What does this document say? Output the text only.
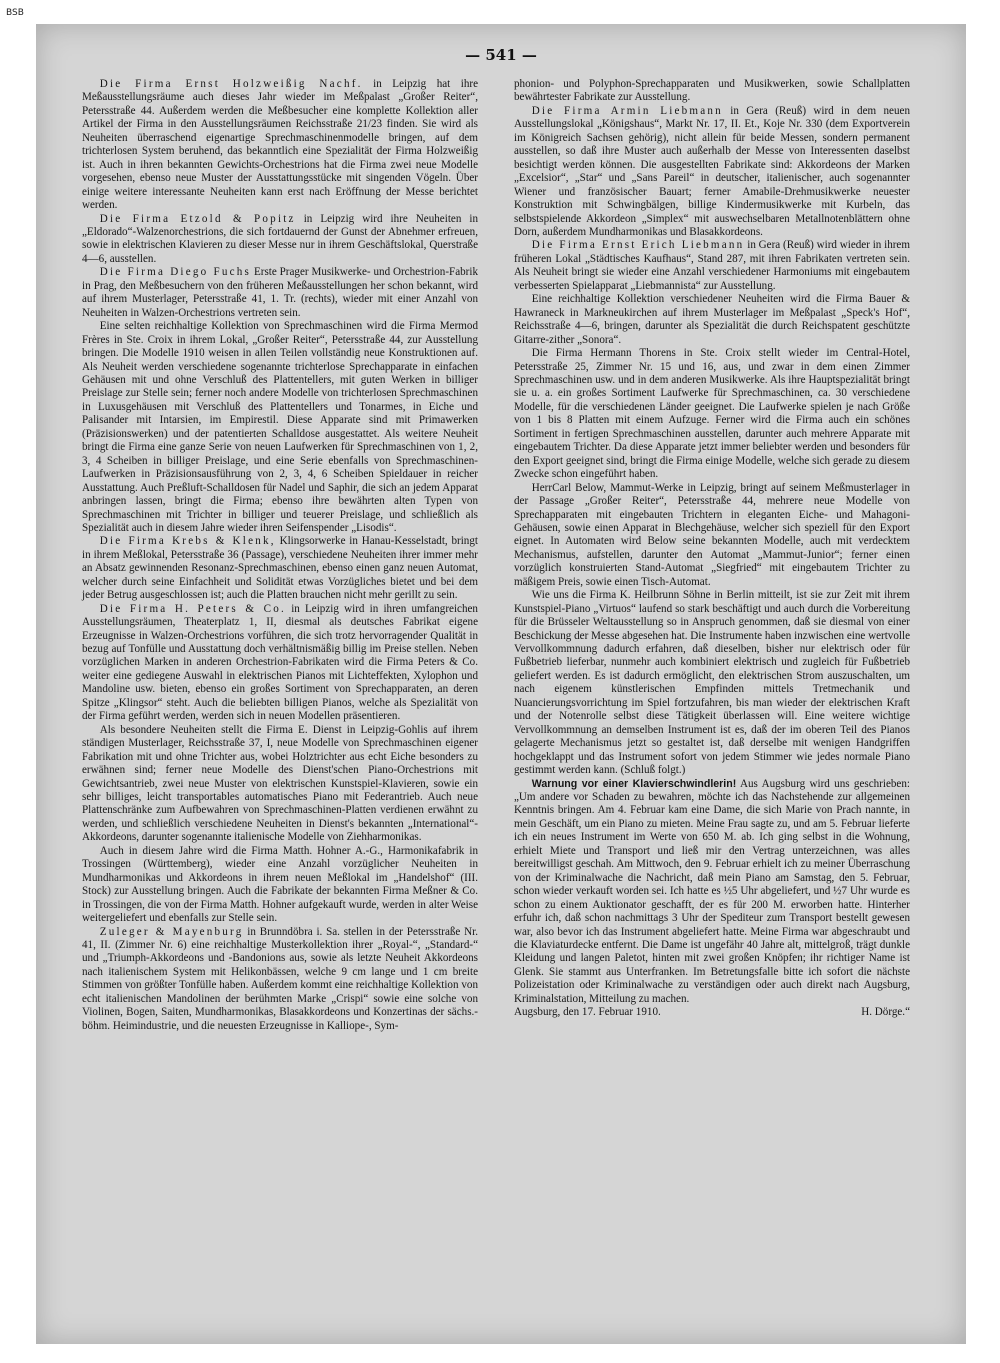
BSB
— 541 —

Die Firma Ernst Holzweißig Nachf. in Leipzig hat ihre Meßausstellungsräume auch dieses Jahr wieder im Meßpalast „Großer Reiter“, Petersstraße 44. Außerdem werden die Meßbesucher eine komplette Kollektion aller Artikel der Firma in den Ausstellungsräumen Reichsstraße 21/23 finden. Sie wird als Neuheiten überraschend eigenartige Sprechmaschinenmodelle bringen, auf dem trichterlosen System beruhend, das bekanntlich eine Spezialität der Firma Holzweißig ist. Auch in ihren bekannten Gewichts-Orchestrions hat die Firma zwei neue Modelle vorgesehen, ebenso neue Muster der Ausstattungsstücke mit singenden Vögeln. Über einige weitere interessante Neuheiten kann erst nach Eröffnung der Messe berichtet werden.

Die Firma Etzold & Popitz in Leipzig wird ihre Neuheiten in „Eldorado“-Walzenorchestrions, die sich fortdauernd der Gunst der Abnehmer erfreuen, sowie in elektrischen Klavieren zu dieser Messe nur in ihrem Geschäftslokal, Querstraße 4—6, ausstellen.

Die Firma Diego Fuchs Erste Prager Musikwerke- und Orchestrion-Fabrik in Prag, den Meßbesuchern von den früheren Meßausstellungen her schon bekannt, wird auf ihrem Musterlager, Petersstraße 41, 1. Tr. (rechts), wieder mit einer Anzahl von Neuheiten in Walzen-Orchestrions vertreten sein.

Eine selten reichhaltige Kollektion von Sprechmaschinen wird die Firma Mermod Frères in Ste. Croix in ihrem Lokal, „Großer Reiter“, Petersstraße 44, zur Ausstellung bringen. Die Modelle 1910 weisen in allen Teilen vollständig neue Konstruktionen auf. Als Neuheit werden verschiedene sogenannte trichterlose Sprechapparate in einfachen Gehäusen mit und ohne Verschluß des Plattentellers, mit guten Werken in billiger Preislage zur Stelle sein; ferner noch andere Modelle von trichterlosen Sprechmaschinen in Luxusgehäusen mit Verschluß des Plattentellers und Tonarmes, in Eiche und Palisander mit Intarsien, im Empirestil. Diese Apparate sind mit Primawerken (Präzisionswerken) und der patentierten Schalldose ausgestattet. Als weitere Neuheit bringt die Firma eine ganze Serie von neuen Laufwerken für Sprechmaschinen von 1, 2, 3, 4 Scheiben in billiger Preislage, und eine Serie ebenfalls von Sprechmaschinen-Laufwerken in Präzisionsausführung von 2, 3, 4, 6 Scheiben Spieldauer in reicher Ausstattung. Auch Preßluft-Schalldosen für Nadel und Saphir, die sich an jedem Apparat anbringen lassen, bringt die Firma; ebenso ihre bewährten alten Typen von Sprechmaschinen mit Trichter in billiger und teuerer Preislage, und schließlich als Spezialität auch in diesem Jahre wieder ihren Seifenspender „Lisodis“.

Die Firma Krebs & Klenk, Klingsorwerke in Hanau-Kesselstadt, bringt in ihrem Meßlokal, Petersstraße 36 (Passage), verschiedene Neuheiten ihrer immer mehr an Absatz gewinnenden Resonanz-Sprechmaschinen, ebenso einen ganz neuen Automat, welcher durch seine Einfachheit und Solidität etwas Vorzügliches bietet und bei dem jeder Betrug ausgeschlossen ist; auch die Platten brauchen nicht mehr gerillt zu sein.

Die Firma H. Peters & Co. in Leipzig wird in ihren umfangreichen Ausstellungsräumen, Theaterplatz 1, II, diesmal als deutsches Fabrikat eigene Erzeugnisse in Walzen-Orchestrions vorführen, die sich trotz hervorragender Qualität in bezug auf Tonfülle und Ausstattung doch verhältnismäßig billig im Preise stellen. Neben vorzüglichen Marken in anderen Orchestrion-Fabrikaten wird die Firma Peters & Co. weiter eine gediegene Auswahl in elektrischen Pianos mit Lichteffekten, Xylophon und Mandoline usw. bieten, ebenso ein großes Sortiment von Sprechapparaten, an deren Spitze „Klingsor“ steht. Auch die beliebten billigen Pianos, welche als Spezialität von der Firma geführt werden, werden sich in neuen Modellen präsentieren.

Als besondere Neuheiten stellt die Firma E. Dienst in Leipzig-Gohlis auf ihrem ständigen Musterlager, Reichsstraße 37, I, neue Modelle von Sprechmaschinen eigener Fabrikation mit und ohne Trichter aus, wobei Holztrichter aus echt Eiche besonders zu erwähnen sind; ferner neue Modelle des Dienst'schen Piano-Orchestrions mit Gewichtsantrieb, zwei neue Muster von elektrischen Kunstspiel-Klavieren, sowie ein sehr billiges, leicht transportables automatisches Piano mit Federantrieb. Auch neue Plattenschränke zum Aufbewahren von Sprechmaschinen-Platten verdienen erwähnt zu werden, und schließlich verschiedene Neuheiten in Dienst's bekannten „International“-Akkordeons, darunter sogenannte italienische Modelle von Ziehharmonikas.

Auch in diesem Jahre wird die Firma Matth. Hohner A.-G., Harmonikafabrik in Trossingen (Württemberg), wieder eine Anzahl vorzüglicher Neuheiten in Mundharmonikas und Akkordeons in ihrem neuen Meßlokal im „Handelshof“ (III. Stock) zur Ausstellung bringen. Auch die Fabrikate der bekannten Firma Meßner & Co. in Trossingen, die von der Firma Matth. Hohner aufgekauft wurde, werden in alter Weise weitergeliefert und ebenfalls zur Stelle sein.

Zuleger & Mayenburg in Brunndöbra i. Sa. stellen in der Petersstraße Nr. 41, II. (Zimmer Nr. 6) eine reichhaltige Musterkollektion ihrer „Royal-“, „Standard-“ und „Triumph-Akkordeons und -Bandonions aus, sowie als letzte Neuheit Akkordeons nach italienischem System mit Helikonbässen, welche 9 cm lange und 1 cm breite Stimmen von größter Tonfülle haben. Außerdem kommt eine reichhaltige Kollektion von echt italienischen Mandolinen der berühmten Marke „Crispi“ sowie eine solche von Violinen, Bogen, Saiten, Mundharmonikas, Blasakkordeons und Konzertinas der sächs.-böhm. Heimindustrie, und die neuesten Erzeugnisse in Kalliope-, Sym-

phonion- und Polyphon-Sprechapparaten und Musikwerken, sowie Schallplatten bewährtester Fabrikate zur Ausstellung.

Die Firma Armin Liebmann in Gera (Reuß) wird in dem neuen Ausstellungslokal „Königshaus“, Markt Nr. 17, II. Et., Koje Nr. 330 (dem Exportverein im Königreich Sachsen gehörig), nicht allein für beide Messen, sondern permanent ausstellen, so daß ihre Muster auch außerhalb der Messe von Interessenten daselbst besichtigt werden können. Die ausgestellten Fabrikate sind: Akkordeons der Marken „Excelsior“, „Star“ und „Sans Pareil“ in deutscher, italienischer, auch sogenannter Wiener und französischer Bauart; ferner Amabile-Drehmusikwerke neuester Konstruktion mit Schwingbälgen, billige Kindermusikwerke mit Kurbeln, das selbstspielende Akkordeon „Simplex“ mit auswechselbaren Metallnotenblättern ohne Dorn, außerdem Mundharmonikas und Blasakkordeons.

Die Firma Ernst Erich Liebmann in Gera (Reuß) wird wieder in ihrem früheren Lokal „Städtisches Kaufhaus“, Stand 287, mit ihren Fabrikaten vertreten sein. Als Neuheit bringt sie wieder eine Anzahl verschiedener Harmoniums mit eingebautem verbesserten Spielapparat „Liebmannista“ zur Ausstellung.

Eine reichhaltige Kollektion verschiedener Neuheiten wird die Firma Bauer & Hawraneck in Markneukirchen auf ihrem Musterlager im Meßpalast „Speck's Hof“, Reichsstraße 4—6, bringen, darunter als Spezialität die durch Reichspatent geschützte Gitarre-zither „Sonora“.

Die Firma Hermann Thorens in Ste. Croix stellt wieder im Central-Hotel, Petersstraße 25, Zimmer Nr. 15 und 16, aus, und zwar in dem einen Zimmer Sprechmaschinen usw. und in dem anderen Musikwerke. Als ihre Hauptspezialität bringt sie u. a. ein großes Sortiment Laufwerke für Sprechmaschinen, ca. 30 verschiedene Modelle, für die verschiedenen Länder geeignet. Die Laufwerke spielen je nach Größe von 1 bis 8 Platten mit einem Aufzuge. Ferner wird die Firma auch ein schönes Sortiment in fertigen Sprechmaschinen ausstellen, darunter auch mehrere Apparate mit eingebautem Trichter. Da diese Apparate jetzt immer beliebter werden und besonders für den Export geeignet sind, bringt die Firma einige Modelle, welche sich gerade zu diesem Zwecke schon eingeführt haben.

HerrCarl Below, Mammut-Werke in Leipzig, bringt auf seinem Meßmusterlager in der Passage „Großer Reiter“, Petersstraße 44, mehrere neue Modelle von Sprechapparaten mit eingebauten Trichtern in eleganten Eiche- und Mahagoni-Gehäusen, sowie einen Apparat in Blechgehäuse, welcher sich speziell für den Export eignet. In Automaten wird Below seine bekannten Modelle, auch mit verdecktem Mechanismus, aufstellen, darunter den Automat „Mammut-Junior“; ferner einen vorzüglich konstruierten Stand-Automat „Siegfried“ mit eingebautem Trichter zu mäßigem Preis, sowie einen Tisch-Automat.

Wie uns die Firma K. Heilbrunn Söhne in Berlin mitteilt, ist sie zur Zeit mit ihrem Kunstspiel-Piano „Virtuos“ laufend so stark beschäftigt und auch durch die Vorbereitung für die Brüsseler Weltausstellung so in Anspruch genommen, daß sie diesmal von einer Beschickung der Messe abgesehen hat. Die Instrumente haben inzwischen eine wertvolle Vervollkommnung dadurch erfahren, daß dieselben, bisher nur elektrisch oder für Fußbetrieb lieferbar, nunmehr auch kombiniert elektrisch und zugleich für Fußbetrieb geliefert werden. Es ist dadurch ermöglicht, den elektrischen Strom auszuschalten, um nach eigenem künstlerischen Empfinden mittels Tretmechanik und Nuancierungsvorrichtung im Spiel fortzufahren, bis man wieder der elektrischen Kraft und der Notenrolle selbst diese Tätigkeit überlassen will. Eine weitere wichtige Vervollkommnung an demselben Instrument ist es, daß der im oberen Teil des Pianos gelagerte Mechanismus jetzt so gestaltet ist, daß derselbe mit wenigen Handgriffen hochgeklappt und das Instrument sofort von jedem Stimmer wie jedes normale Piano gestimmt werden kann. (Schluß folgt.)

Warnung vor einer Klavierschwindlerin! Aus Augsburg wird uns geschrieben: „Um andere vor Schaden zu bewahren, möchte ich das Nachstehende zur allgemeinen Kenntnis bringen. Am 4. Februar kam eine Dame, die sich Marie von Prach nannte, in mein Geschäft, um ein Piano zu mieten. Meine Frau sagte zu, und am 5. Februar lieferte ich ein neues Instrument im Werte von 650 M. ab. Ich ging selbst in die Wohnung, erhielt Miete und Transport und ließ mir den Vertrag unterzeichnen, was alles bereitwilligst geschah. Am Mittwoch, den 9. Februar erhielt ich zu meiner Überraschung von der Kriminalwache die Nachricht, daß mein Piano am Samstag, den 5. Februar, schon wieder verkauft worden sei. Ich hatte es ½5 Uhr abgeliefert, und ½7 Uhr wurde es schon zu einem Auktionator geschafft, der es für 200 M. erworben hatte. Hinterher erfuhr ich, daß schon nachmittags 3 Uhr der Spediteur zum Transport bestellt gewesen war, also bevor ich das Instrument abgeliefert hatte. Meine Firma war abgeschraubt und die Klaviaturdecke entfernt. Die Dame ist ungefähr 40 Jahre alt, mittelgroß, trägt dunkle Kleidung und langen Paletot, hinten mit zwei großen Knöpfen; ihr richtiger Name ist Glenk. Sie stammt aus Unterfranken. Im Betretungsfalle bitte ich sofort die nächste Polizeistation oder Kriminalwache zu verständigen oder auch direkt nach Augsburg, Kriminalstation, Mitteilung zu machen.

Augsburg, den 17. Februar 1910.	H. Dörge.“
